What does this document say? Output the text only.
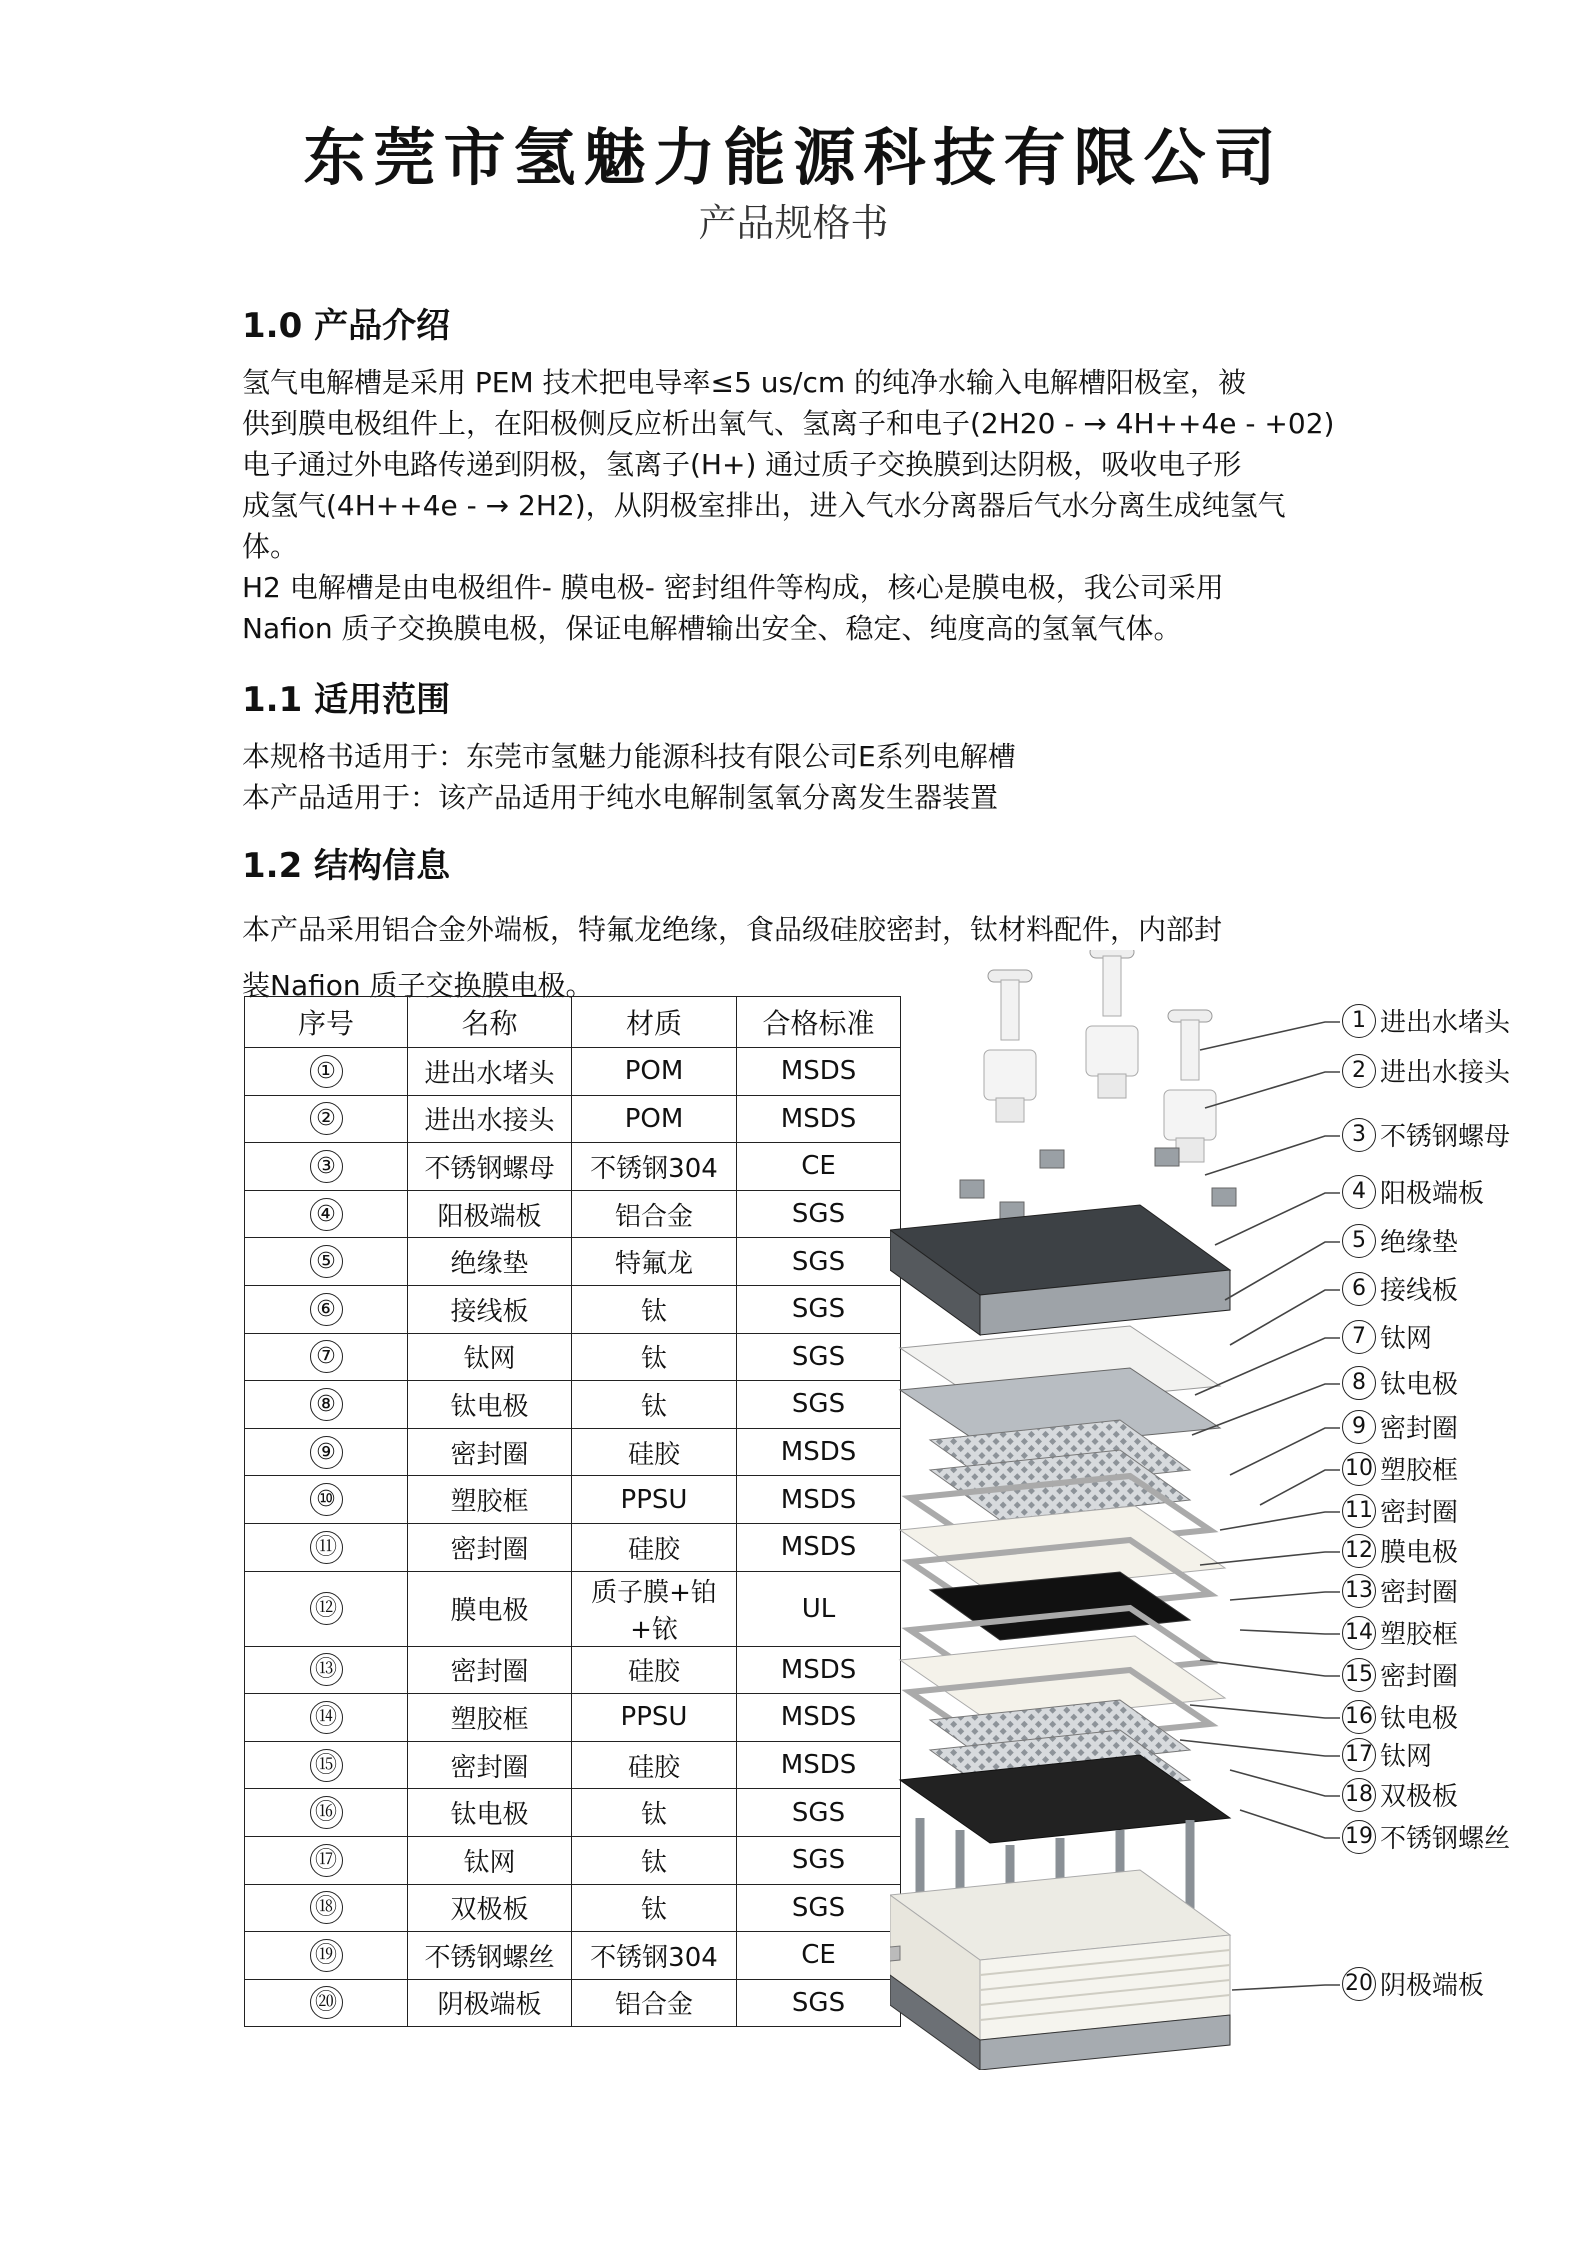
东莞市氢魅力能源科技有限公司
产品规格书
1.0 产品介绍
氢气电解槽是采用 PEM 技术把电导率≤5 us/cm 的纯净水输入电解槽阳极室，被
供到膜电极组件上，在阳极侧反应析出氧气、氢离子和电子(2H20 - → 4H++4e - +02)
电子通过外电路传递到阴极，氢离子(H+) 通过质子交换膜到达阴极，吸收电子形
成氢气(4H++4e - → 2H2)，从阴极室排出，进入气水分离器后气水分离生成纯氢气
体。
H2 电解槽是由电极组件- 膜电极- 密封组件等构成，核心是膜电极，我公司采用
Nafion 质子交换膜电极，保证电解槽输出安全、稳定、纯度高的氢氧气体。
1.1 适用范围
本规格书适用于：东莞市氢魅力能源科技有限公司E系列电解槽
本产品适用于：该产品适用于纯水电解制氢氧分离发生器装置
1.2 结构信息
本产品采用铝合金外端板，特氟龙绝缘，食品级硅胶密封，钛材料配件，内部封
装Nafion 质子交换膜电极。
序号	名称	材质	合格标准
①	进出水堵头	POM	MSDS
②	进出水接头	POM	MSDS
③	不锈钢螺母	不锈钢304	CE
④	阳极端板	铝合金	SGS
⑤	绝缘垫	特氟龙	SGS
⑥	接线板	钛	SGS
⑦	钛网	钛	SGS
⑧	钛电极	钛	SGS
⑨	密封圈	硅胶	MSDS
⑩	塑胶框	PPSU	MSDS
⑪	密封圈	硅胶	MSDS
⑫	膜电极	质子膜+铂+铱	UL
⑬	密封圈	硅胶	MSDS
⑭	塑胶框	PPSU	MSDS
⑮	密封圈	硅胶	MSDS
⑯	钛电极	钛	SGS
⑰	钛网	钛	SGS
⑱	双极板	钛	SGS
⑲	不锈钢螺丝	不锈钢304	CE
⑳	阴极端板	铝合金	SGS
1 进出水堵头
2 进出水接头
3 不锈钢螺母
4 阳极端板
5 绝缘垫
6 接线板
7 钛网
8 钛电极
9 密封圈
10 塑胶框
11 密封圈
12 膜电极
13 密封圈
14 塑胶框
15 密封圈
16 钛电极
17 钛网
18 双极板
19 不锈钢螺丝
20 阴极端板
